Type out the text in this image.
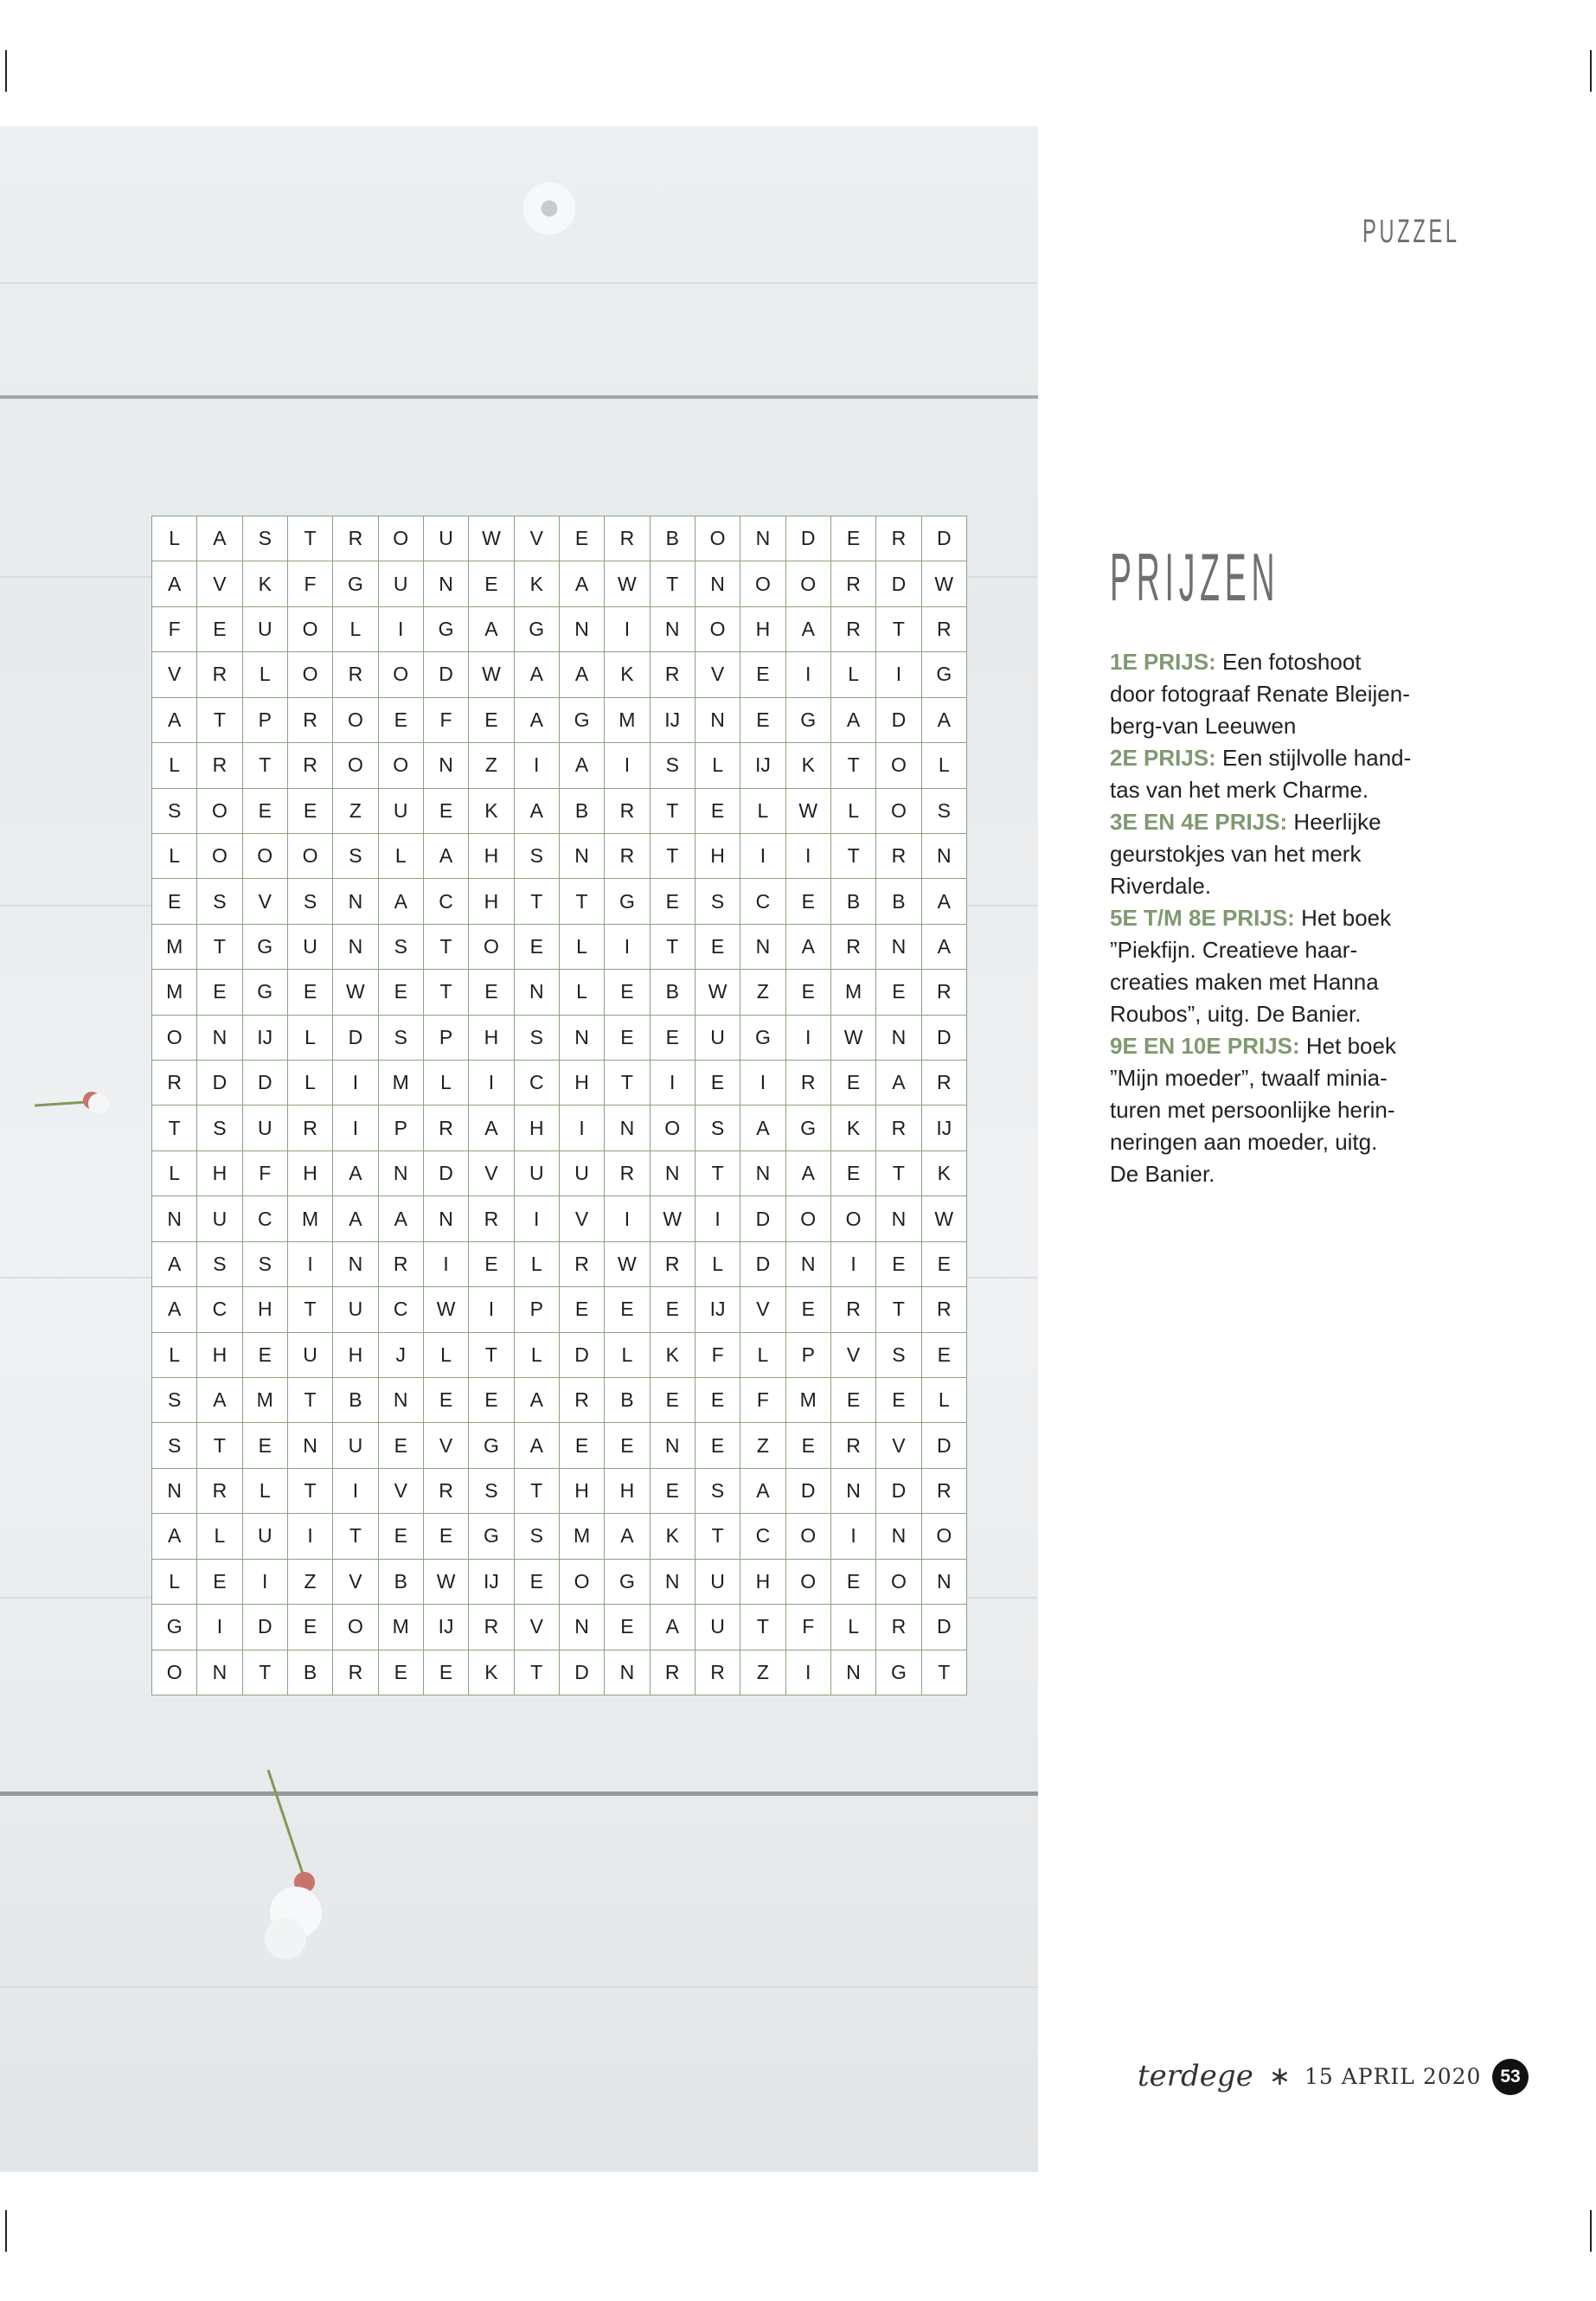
L	A	S	T	R	O	U	W	V	E	R	B	O	N	D	E	R	D
A	V	K	F	G	U	N	E	K	A	W	T	N	O	O	R	D	W
F	E	U	O	L	I	G	A	G	N	I	N	O	H	A	R	T	R
V	R	L	O	R	O	D	W	A	A	K	R	V	E	I	L	I	G
A	T	P	R	O	E	F	E	A	G	M	IJ	N	E	G	A	D	A
L	R	T	R	O	O	N	Z	I	A	I	S	L	IJ	K	T	O	L
S	O	E	E	Z	U	E	K	A	B	R	T	E	L	W	L	O	S
L	O	O	O	S	L	A	H	S	N	R	T	H	I	I	T	R	N
E	S	V	S	N	A	C	H	T	T	G	E	S	C	E	B	B	A
M	T	G	U	N	S	T	O	E	L	I	T	E	N	A	R	N	A
M	E	G	E	W	E	T	E	N	L	E	B	W	Z	E	M	E	R
O	N	IJ	L	D	S	P	H	S	N	E	E	U	G	I	W	N	D
R	D	D	L	I	M	L	I	C	H	T	I	E	I	R	E	A	R
T	S	U	R	I	P	R	A	H	I	N	O	S	A	G	K	R	IJ
L	H	F	H	A	N	D	V	U	U	R	N	T	N	A	E	T	K
N	U	C	M	A	A	N	R	I	V	I	W	I	D	O	O	N	W
A	S	S	I	N	R	I	E	L	R	W	R	L	D	N	I	E	E
A	C	H	T	U	C	W	I	P	E	E	E	IJ	V	E	R	T	R
L	H	E	U	H	J	L	T	L	D	L	K	F	L	P	V	S	E
S	A	M	T	B	N	E	E	A	R	B	E	E	F	M	E	E	L
S	T	E	N	U	E	V	G	A	E	E	N	E	Z	E	R	V	D
N	R	L	T	I	V	R	S	T	H	H	E	S	A	D	N	D	R
A	L	U	I	T	E	E	G	S	M	A	K	T	C	O	I	N	O
L	E	I	Z	V	B	W	IJ	E	O	G	N	U	H	O	E	O	N
G	I	D	E	O	M	IJ	R	V	N	E	A	U	T	F	L	R	D
O	N	T	B	R	E	E	K	T	D	N	R	R	Z	I	N	G	T
PUZZEL
PRIJZEN
1E PRIJS: Een fotoshoot
door fotograaf Renate Bleijen-
berg-van Leeuwen
2E PRIJS: Een stijlvolle hand-
tas van het merk Charme.
3E EN 4E PRIJS: Heerlijke
geurstokjes van het merk
Riverdale.
5E T/M 8E PRIJS: Het boek
”Piekfijn. Creatieve haar-
creaties maken met Hanna
Roubos”, uitg. De Banier.
9E EN 10E PRIJS: Het boek
”Mijn moeder”, twaalf minia-
turen met persoonlijke herin-
neringen aan moeder, uitg.
De Banier.
terdege ∗ 15 APRIL 2020	53
